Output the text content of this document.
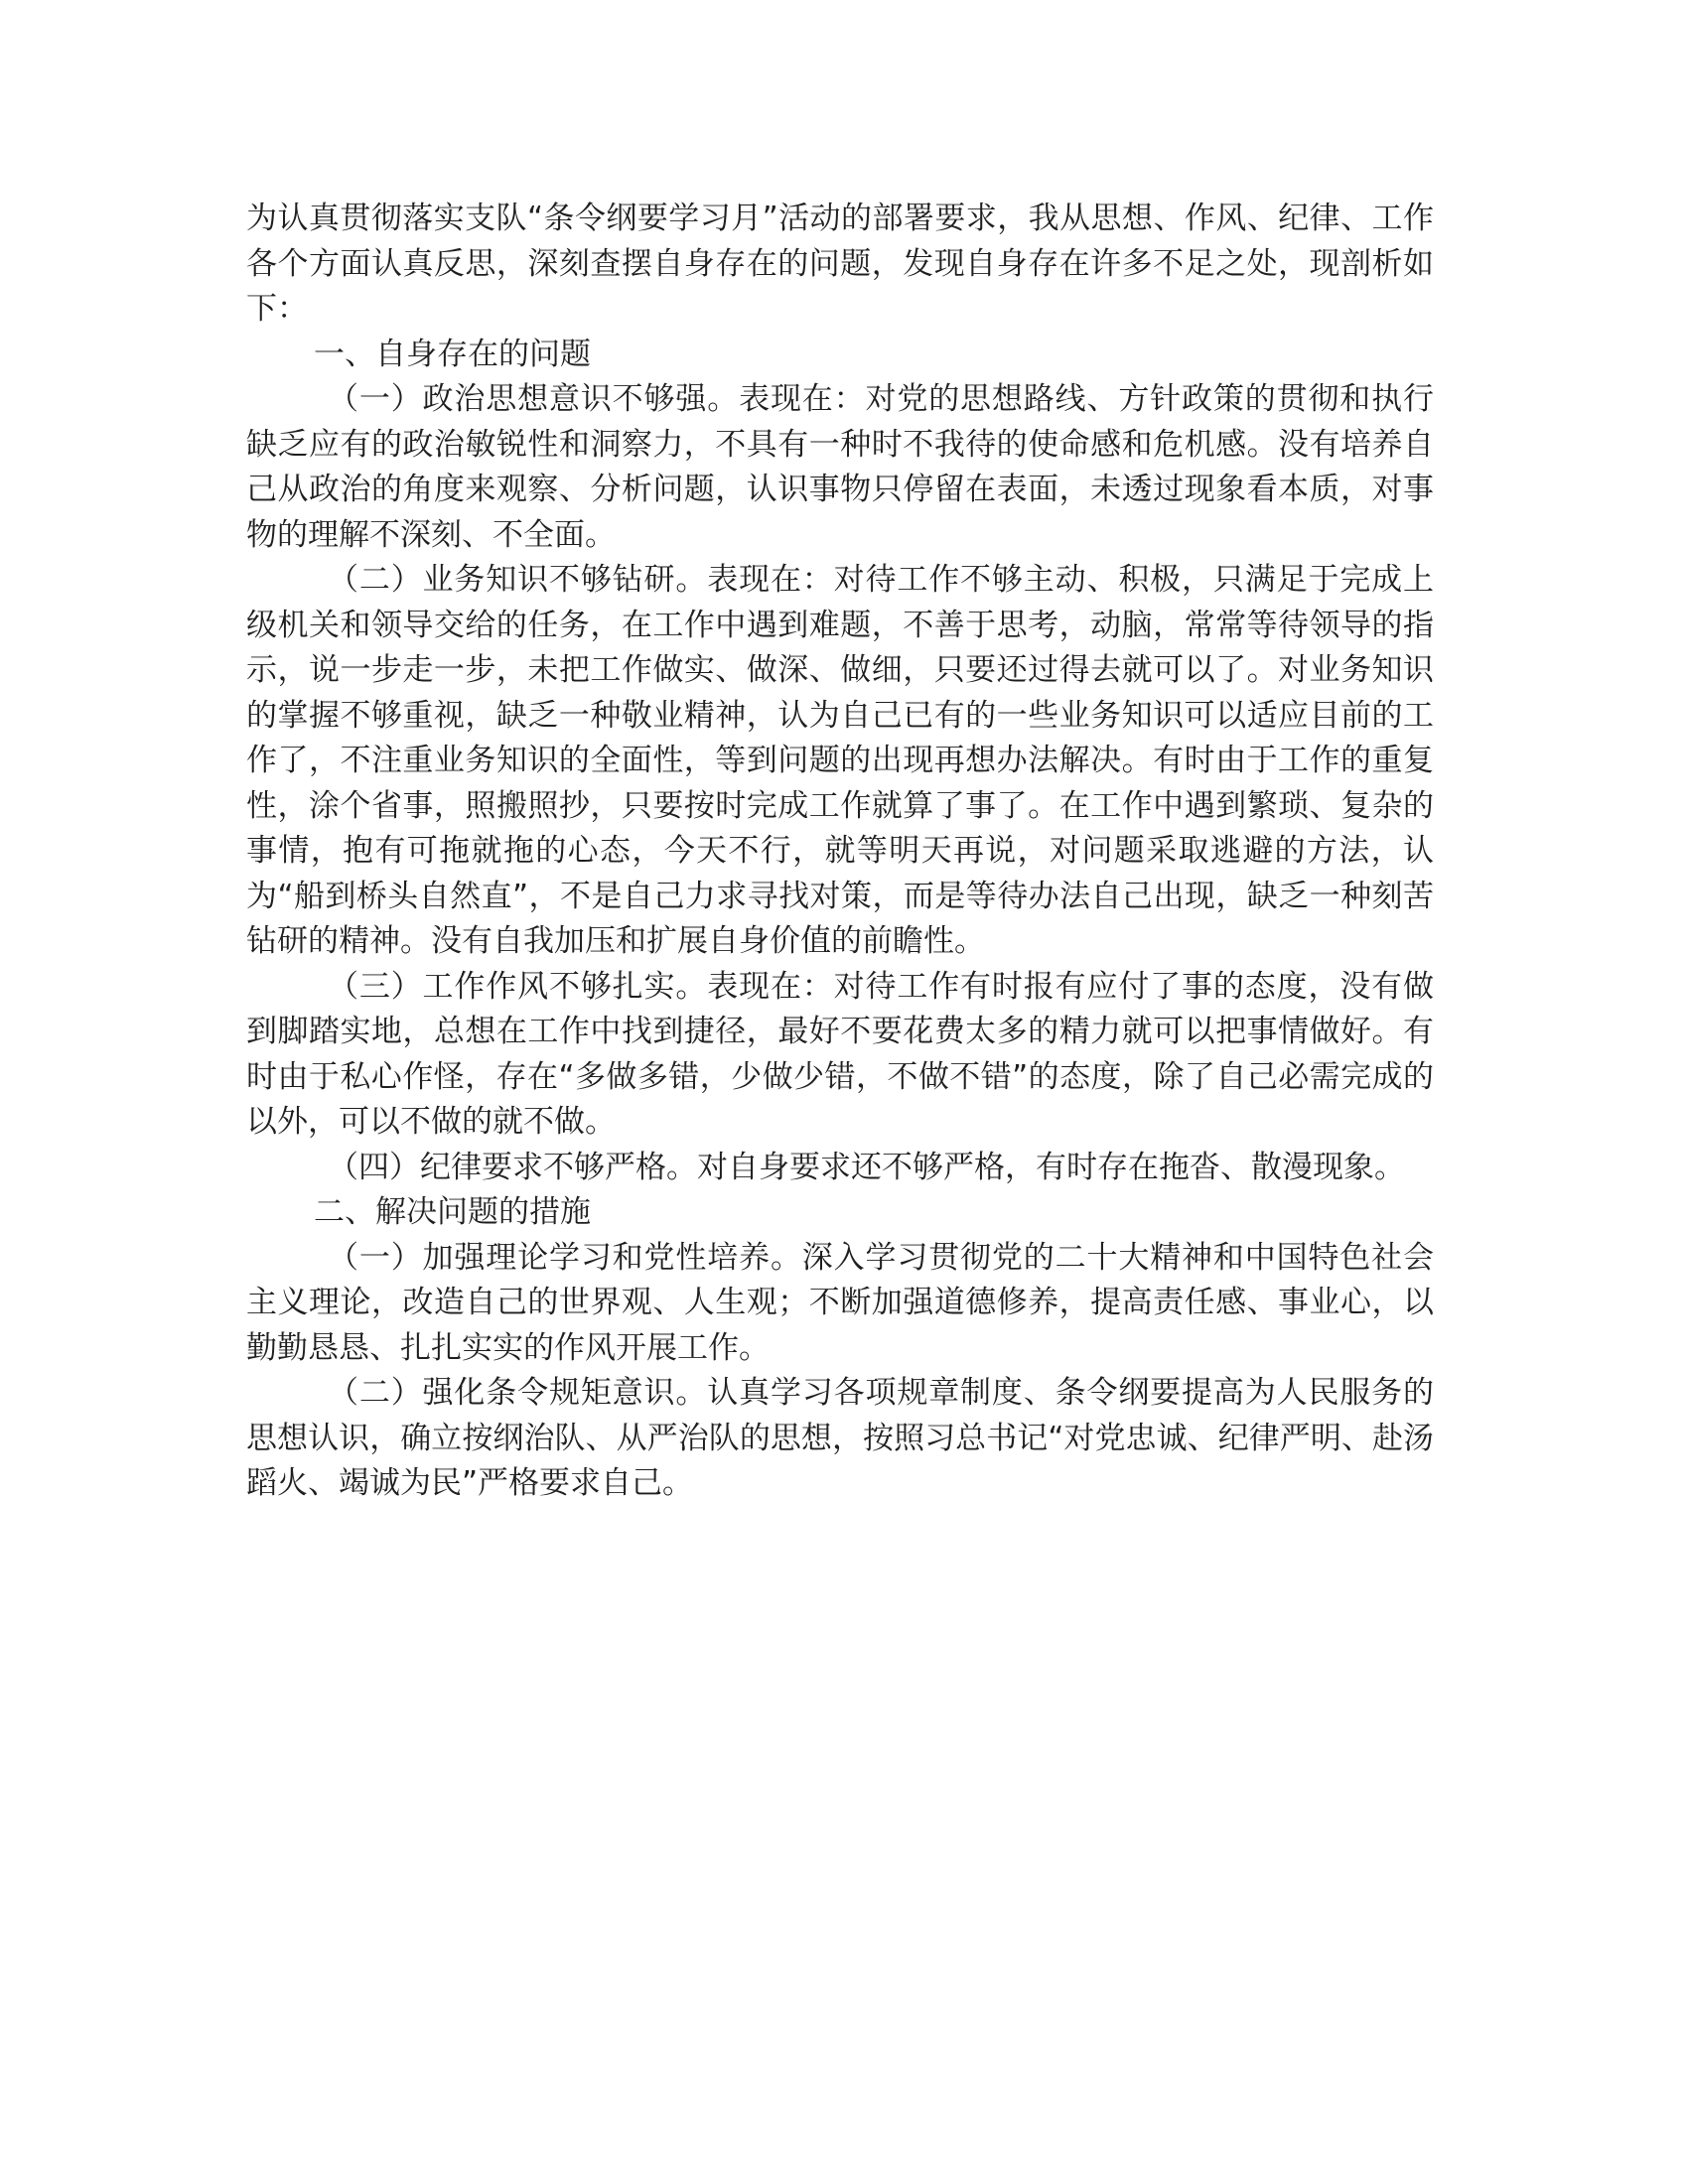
为认真贯彻落实支队“条令纲要学习月”活动的部署要求，我从思想、作风、纪律、工作各个方面认真反思，深刻查摆自身存在的问题，发现自身存在许多不足之处，现剖析如下：

一、自身存在的问题

（一）政治思想意识不够强。表现在：对党的思想路线、方针政策的贯彻和执行缺乏应有的政治敏锐性和洞察力，不具有一种时不我待的使命感和危机感。没有培养自己从政治的角度来观察、分析问题，认识事物只停留在表面，未透过现象看本质，对事物的理解不深刻、不全面。

（二）业务知识不够钻研。表现在：对待工作不够主动、积极，只满足于完成上级机关和领导交给的任务，在工作中遇到难题，不善于思考，动脑，常常等待领导的指示，说一步走一步，未把工作做实、做深、做细，只要还过得去就可以了。对业务知识的掌握不够重视，缺乏一种敬业精神，认为自己已有的一些业务知识可以适应目前的工作了，不注重业务知识的全面性，等到问题的出现再想办法解决。有时由于工作的重复性，涂个省事，照搬照抄，只要按时完成工作就算了事了。在工作中遇到繁琐、复杂的事情，抱有可拖就拖的心态，今天不行，就等明天再说，对问题采取逃避的方法，认为“船到桥头自然直”，不是自己力求寻找对策，而是等待办法自己出现，缺乏一种刻苦钻研的精神。没有自我加压和扩展自身价值的前瞻性。

（三）工作作风不够扎实。表现在：对待工作有时报有应付了事的态度，没有做到脚踏实地，总想在工作中找到捷径，最好不要花费太多的精力就可以把事情做好。有时由于私心作怪，存在“多做多错，少做少错，不做不错”的态度，除了自己必需完成的以外，可以不做的就不做。

（四）纪律要求不够严格。对自身要求还不够严格，有时存在拖沓、散漫现象。

二、解决问题的措施

（一）加强理论学习和党性培养。深入学习贯彻党的二十大精神和中国特色社会主义理论，改造自己的世界观、人生观；不断加强道德修养，提高责任感、事业心，以勤勤恳恳、扎扎实实的作风开展工作。

（二）强化条令规矩意识。认真学习各项规章制度、条令纲要提高为人民服务的思想认识，确立按纲治队、从严治队的思想，按照习总书记“对党忠诚、纪律严明、赴汤蹈火、竭诚为民”严格要求自己。
